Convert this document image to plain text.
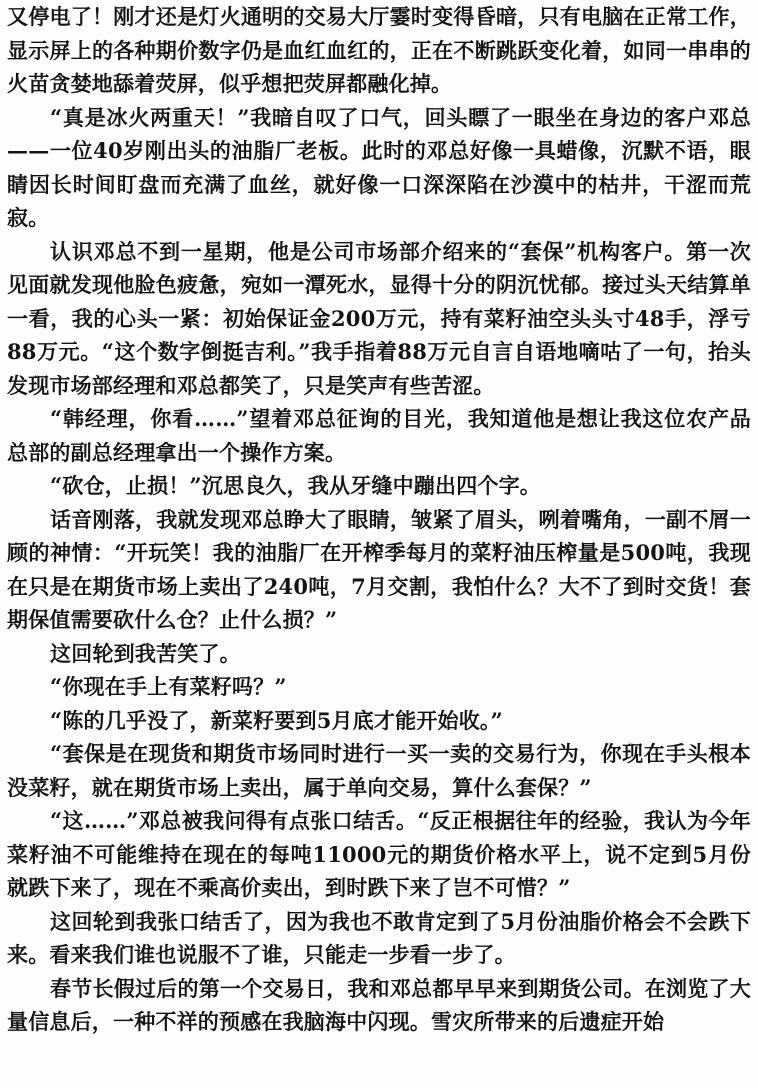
又停电了！刚才还是灯火通明的交易大厅霎时变得昏暗，只有电脑在正常工作，显示屏上的各种期价数字仍是血红血红的，正在不断跳跃变化着，如同一串串的火苗贪婪地舔着荧屏，似乎想把荧屏都融化掉。

“真是冰火两重天！”我暗自叹了口气，回头瞟了一眼坐在身边的客户邓总——一位40岁刚出头的油脂厂老板。此时的邓总好像一具蜡像，沉默不语，眼睛因长时间盯盘而充满了血丝，就好像一口深深陷在沙漠中的枯井，干涩而荒寂。

认识邓总不到一星期，他是公司市场部介绍来的“套保”机构客户。第一次见面就发现他脸色疲惫，宛如一潭死水，显得十分的阴沉忧郁。接过头天结算单一看，我的心头一紧：初始保证金200万元，持有菜籽油空头头寸48手，浮亏88万元。“这个数字倒挺吉利。”我手指着88万元自言自语地嘀咕了一句，抬头发现市场部经理和邓总都笑了，只是笑声有些苦涩。

“韩经理，你看……”望着邓总征询的目光，我知道他是想让我这位农产品总部的副总经理拿出一个操作方案。

“砍仓，止损！”沉思良久，我从牙缝中蹦出四个字。

话音刚落，我就发现邓总睁大了眼睛，皱紧了眉头，咧着嘴角，一副不屑一顾的神情：“开玩笑！我的油脂厂在开榨季每月的菜籽油压榨量是500吨，我现在只是在期货市场上卖出了240吨，7月交割，我怕什么？大不了到时交货！套期保值需要砍什么仓？止什么损？”

这回轮到我苦笑了。

“你现在手上有菜籽吗？”

“陈的几乎没了，新菜籽要到5月底才能开始收。”

“套保是在现货和期货市场同时进行一买一卖的交易行为，你现在手头根本没菜籽，就在期货市场上卖出，属于单向交易，算什么套保？”

“这……”邓总被我问得有点张口结舌。“反正根据往年的经验，我认为今年菜籽油不可能维持在现在的每吨11000元的期货价格水平上，说不定到5月份就跌下来了，现在不乘高价卖出，到时跌下来了岂不可惜？”

这回轮到我张口结舌了，因为我也不敢肯定到了5月份油脂价格会不会跌下来。看来我们谁也说服不了谁，只能走一步看一步了。

春节长假过后的第一个交易日，我和邓总都早早来到期货公司。在浏览了大量信息后，一种不祥的预感在我脑海中闪现。雪灾所带来的后遗症开始
